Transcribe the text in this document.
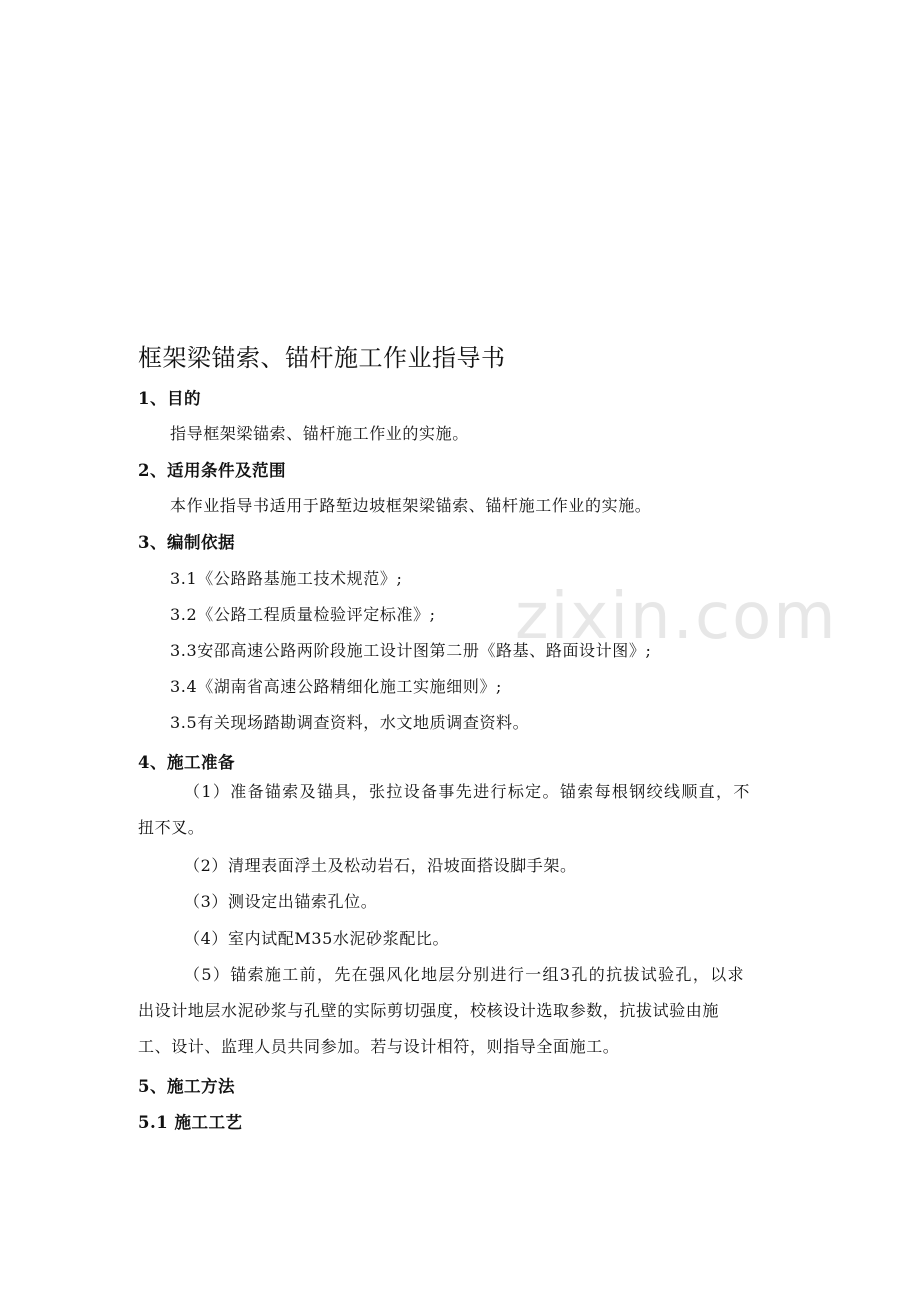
zixin.com
框架梁锚索、锚杆施工作业指导书
1、目的
指导框架梁锚索、锚杆施工作业的实施。
2、适用条件及范围
本作业指导书适用于路堑边坡框架梁锚索、锚杆施工作业的实施。
3、编制依据
3.1《公路路基施工技术规范》;
3.2《公路工程质量检验评定标准》;
3.3安邵高速公路两阶段施工设计图第二册《路基、路面设计图》;
3.4《湖南省高速公路精细化施工实施细则》;
3.5有关现场踏勘调查资料，水文地质调查资料。
4、施工准备
（1）准备锚索及锚具，张拉设备事先进行标定。锚索每根钢绞线顺直，不
扭不叉。
（2）清理表面浮土及松动岩石，沿坡面搭设脚手架。
（3）测设定出锚索孔位。
（4）室内试配M35水泥砂浆配比。
（5）锚索施工前，先在强风化地层分别进行一组3孔的抗拔试验孔，以求
出设计地层水泥砂浆与孔壁的实际剪切强度，校核设计选取参数，抗拔试验由施
工、设计、监理人员共同参加。若与设计相符，则指导全面施工。
5、施工方法
5.1 施工工艺
